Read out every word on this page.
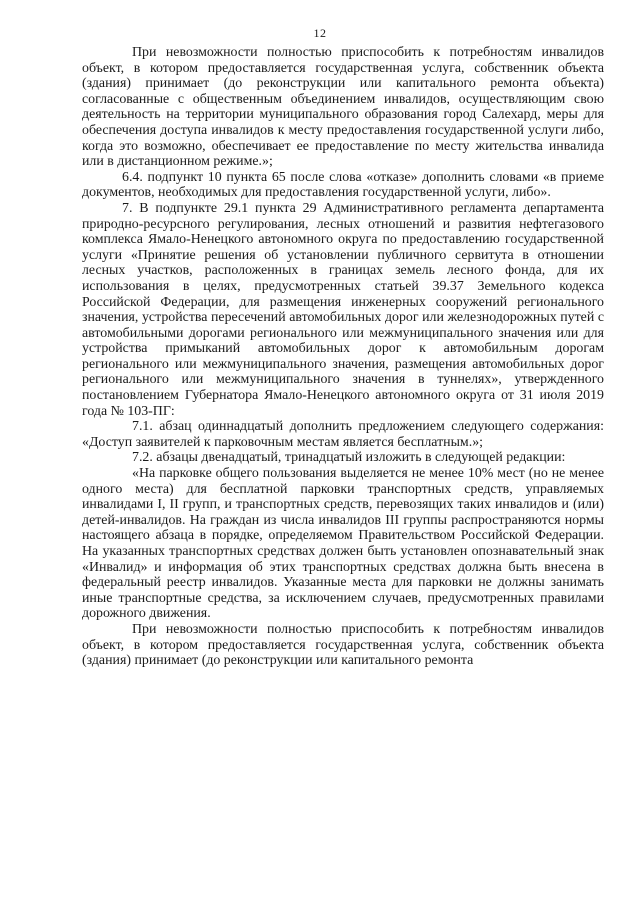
12

При невозможности полностью приспособить к потребностям инвалидов объект, в котором предоставляется государственная услуга, собственник объекта (здания) принимает (до реконструкции или капитального ремонта объекта) согласованные с общественным объединением инвалидов, осуществляющим свою деятельность на территории муниципального образования город Салехард, меры для обеспечения доступа инвалидов к месту предоставления государственной услуги либо, когда это возможно, обеспечивает ее предоставление по месту жительства инвалида или в дистанционном режиме.»;

6.4. подпункт 10 пункта 65 после слова «отказе» дополнить словами «в приеме документов, необходимых для предоставления государственной услуги, либо».

7. В подпункте 29.1 пункта 29 Административного регламента департамента природно-ресурсного регулирования, лесных отношений и развития нефтегазового комплекса Ямало-Ненецкого автономного округа по предоставлению государственной услуги «Принятие решения об установлении публичного сервитута в отношении лесных участков, расположенных в границах земель лесного фонда, для их использования в целях, предусмотренных статьей 39.37 Земельного кодекса Российской Федерации, для размещения инженерных сооружений регионального значения, устройства пересечений автомобильных дорог или железнодорожных путей с автомобильными дорогами регионального или межмуниципального значения или для устройства примыканий автомобильных дорог к автомобильным дорогам регионального или межмуниципального значения, размещения автомобильных дорог регионального или межмуниципального значения в туннелях», утвержденного постановлением Губернатора Ямало-Ненецкого автономного округа от 31 июля 2019 года № 103-ПГ:

7.1. абзац одиннадцатый дополнить предложением следующего содержания: «Доступ заявителей к парковочным местам является бесплатным.»;

7.2. абзацы двенадцатый, тринадцатый изложить в следующей редакции:

«На парковке общего пользования выделяется не менее 10% мест (но не менее одного места) для бесплатной парковки транспортных средств, управляемых инвалидами I, II групп, и транспортных средств, перевозящих таких инвалидов и (или) детей-инвалидов. На граждан из числа инвалидов III группы распространяются нормы настоящего абзаца в порядке, определяемом Правительством Российской Федерации. На указанных транспортных средствах должен быть установлен опознавательный знак «Инвалид» и информация об этих транспортных средствах должна быть внесена в федеральный реестр инвалидов. Указанные места для парковки не должны занимать иные транспортные средства, за исключением случаев, предусмотренных правилами дорожного движения.

При невозможности полностью приспособить к потребностям инвалидов объект, в котором предоставляется государственная услуга, собственник объекта (здания) принимает (до реконструкции или капитального ремонта
